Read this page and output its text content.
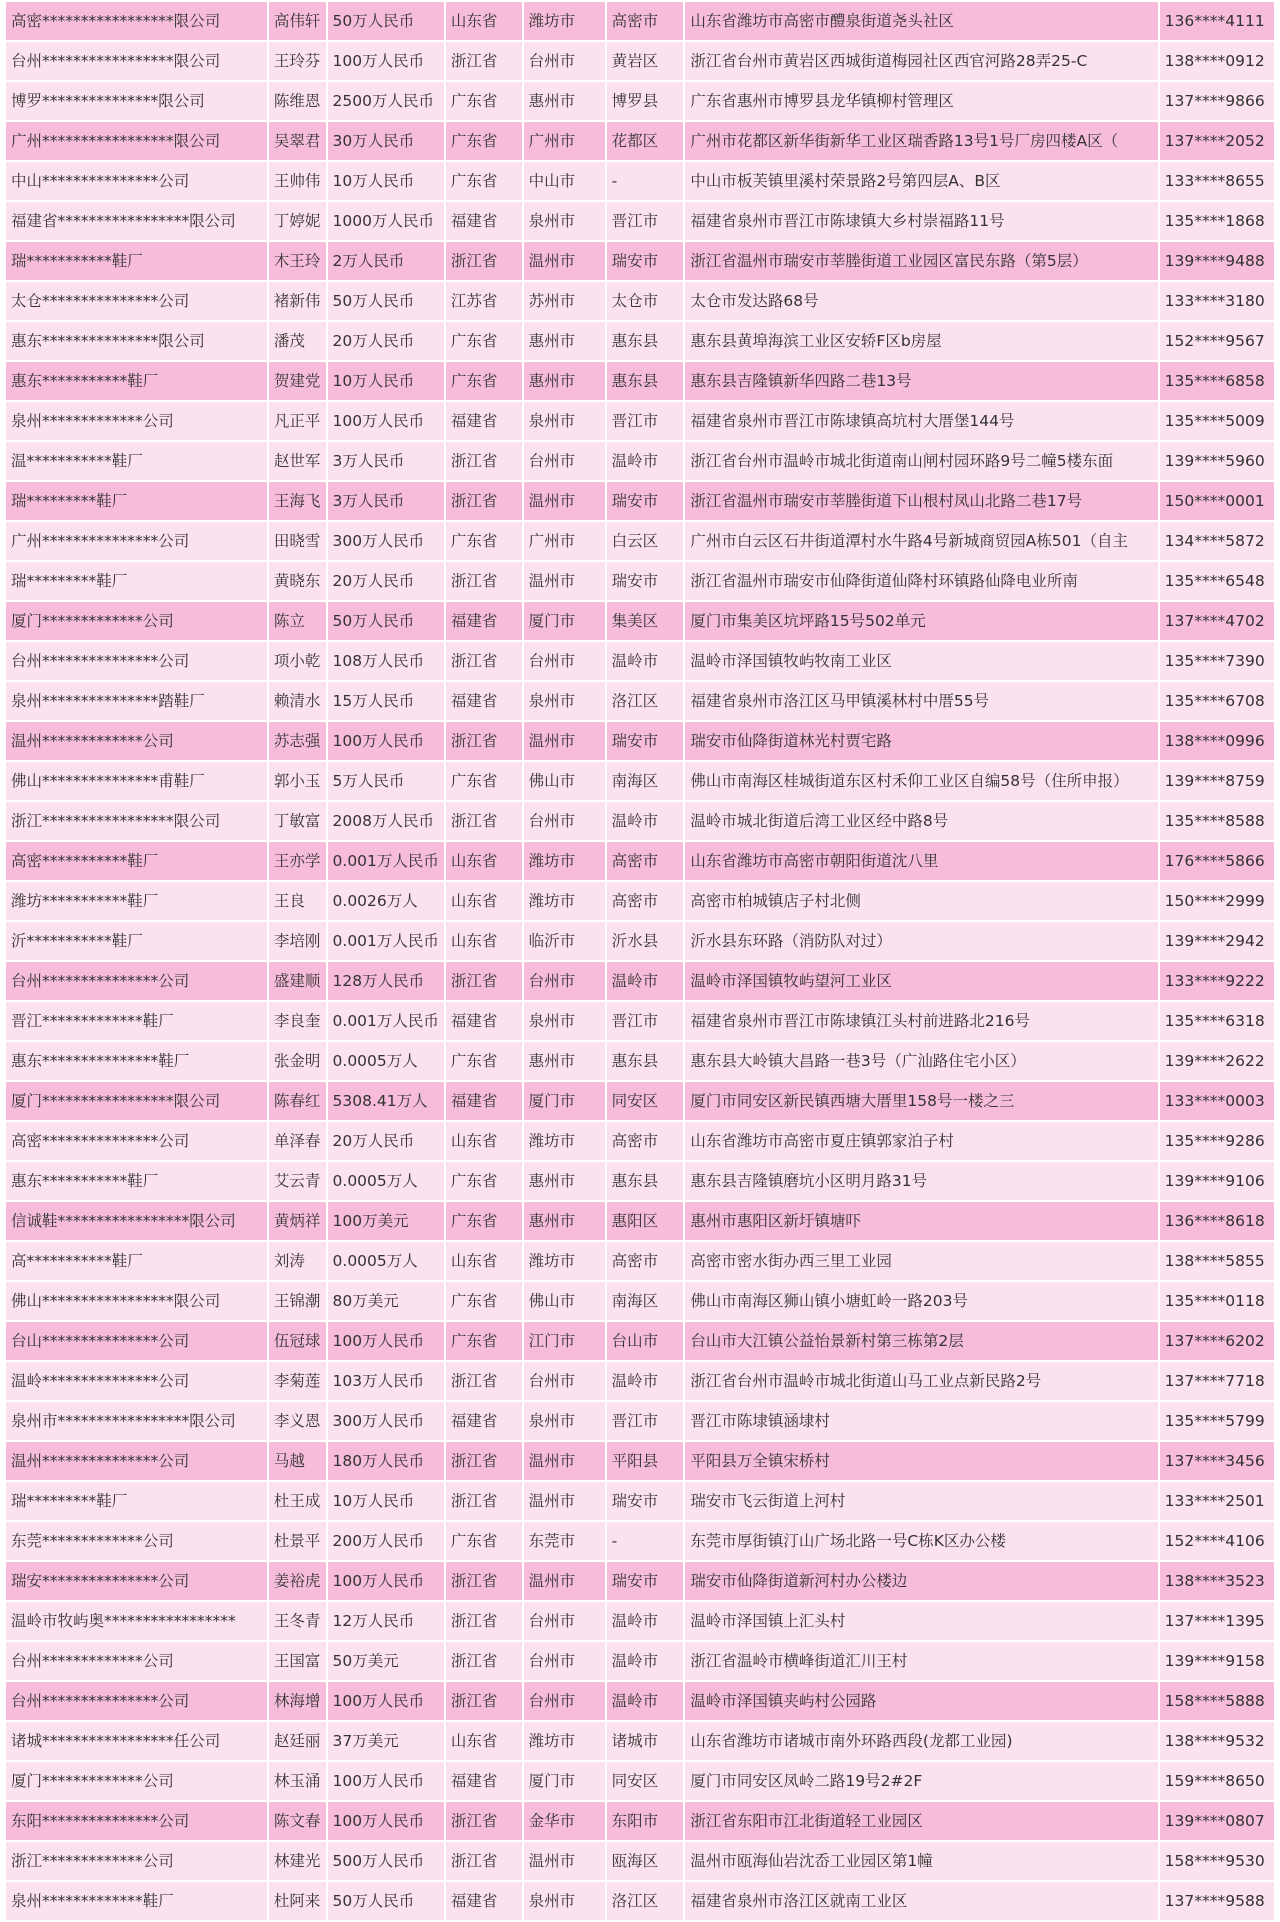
高密*****************限公司	高伟轩	50万人民币	山东省	潍坊市	高密市	山东省潍坊市高密市醴泉街道尧头社区	136****4111
台州*****************限公司	王玲芬	100万人民币	浙江省	台州市	黄岩区	浙江省台州市黄岩区西城街道梅园社区西官河路28弄25-C	138****0912
博罗***************限公司	陈维恩	2500万人民币	广东省	惠州市	博罗县	广东省惠州市博罗县龙华镇柳村管理区	137****9866
广州*****************限公司	吴翠君	30万人民币	广东省	广州市	花都区	广州市花都区新华街新华工业区瑞香路13号1号厂房四楼A区（	137****2052
中山***************公司	王帅伟	10万人民币	广东省	中山市	-	中山市板芙镇里溪村荣景路2号第四层A、B区	133****8655
福建省*****************限公司	丁婷妮	1000万人民币	福建省	泉州市	晋江市	福建省泉州市晋江市陈埭镇大乡村崇福路11号	135****1868
瑞***********鞋厂	木王玲	2万人民币	浙江省	温州市	瑞安市	浙江省温州市瑞安市莘塍街道工业园区富民东路（第5层）	139****9488
太仓***************公司	褚新伟	50万人民币	江苏省	苏州市	太仓市	太仓市发达路68号	133****3180
惠东***************限公司	潘茂	20万人民币	广东省	惠州市	惠东县	惠东县黄埠海滨工业区安轿F区b房屋	152****9567
惠东***********鞋厂	贺建党	10万人民币	广东省	惠州市	惠东县	惠东县吉隆镇新华四路二巷13号	135****6858
泉州*************公司	凡正平	100万人民币	福建省	泉州市	晋江市	福建省泉州市晋江市陈埭镇高坑村大厝堡144号	135****5009
温***********鞋厂	赵世军	3万人民币	浙江省	台州市	温岭市	浙江省台州市温岭市城北街道南山闸村园环路9号二幢5楼东面	139****5960
瑞*********鞋厂	王海飞	3万人民币	浙江省	温州市	瑞安市	浙江省温州市瑞安市莘塍街道下山根村凤山北路二巷17号	150****0001
广州***************公司	田晓雪	300万人民币	广东省	广州市	白云区	广州市白云区石井街道潭村水牛路4号新城商贸园A栋501（自主	134****5872
瑞*********鞋厂	黄晓东	20万人民币	浙江省	温州市	瑞安市	浙江省温州市瑞安市仙降街道仙降村环镇路仙降电业所南	135****6548
厦门*************公司	陈立	50万人民币	福建省	厦门市	集美区	厦门市集美区坑坪路15号502单元	137****4702
台州***************公司	项小乾	108万人民币	浙江省	台州市	温岭市	温岭市泽国镇牧屿牧南工业区	135****7390
泉州***************踏鞋厂	赖清水	15万人民币	福建省	泉州市	洛江区	福建省泉州市洛江区马甲镇溪林村中厝55号	135****6708
温州*************公司	苏志强	100万人民币	浙江省	温州市	瑞安市	瑞安市仙降街道林光村贾宅路	138****0996
佛山***************甫鞋厂	郭小玉	5万人民币	广东省	佛山市	南海区	佛山市南海区桂城街道东区村禾仰工业区自编58号（住所申报）	139****8759
浙江*****************限公司	丁敏富	2008万人民币	浙江省	台州市	温岭市	温岭市城北街道后湾工业区经中路8号	135****8588
高密***********鞋厂	王亦学	0.001万人民币	山东省	潍坊市	高密市	山东省潍坊市高密市朝阳街道沈八里	176****5866
潍坊***********鞋厂	王良	0.0026万人	山东省	潍坊市	高密市	高密市柏城镇店子村北侧	150****2999
沂***********鞋厂	李培刚	0.001万人民币	山东省	临沂市	沂水县	沂水县东环路（消防队对过）	139****2942
台州***************公司	盛建顺	128万人民币	浙江省	台州市	温岭市	温岭市泽国镇牧屿望河工业区	133****9222
晋江*************鞋厂	李良奎	0.001万人民币	福建省	泉州市	晋江市	福建省泉州市晋江市陈埭镇江头村前进路北216号	135****6318
惠东***************鞋厂	张金明	0.0005万人	广东省	惠州市	惠东县	惠东县大岭镇大昌路一巷3号（广汕路住宅小区）	139****2622
厦门*****************限公司	陈春红	5308.41万人	福建省	厦门市	同安区	厦门市同安区新民镇西塘大厝里158号一楼之三	133****0003
高密***************公司	单泽春	20万人民币	山东省	潍坊市	高密市	山东省潍坊市高密市夏庄镇郭家泊子村	135****9286
惠东***********鞋厂	艾云青	0.0005万人	广东省	惠州市	惠东县	惠东县吉隆镇磨坑小区明月路31号	139****9106
信诚鞋*****************限公司	黄炳祥	100万美元	广东省	惠州市	惠阳区	惠州市惠阳区新圩镇塘吓	136****8618
高***********鞋厂	刘涛	0.0005万人	山东省	潍坊市	高密市	高密市密水街办西三里工业园	138****5855
佛山*****************限公司	王锦潮	80万美元	广东省	佛山市	南海区	佛山市南海区狮山镇小塘虹岭一路203号	135****0118
台山***************公司	伍冠球	100万人民币	广东省	江门市	台山市	台山市大江镇公益怡景新村第三栋第2层	137****6202
温岭***************公司	李菊莲	103万人民币	浙江省	台州市	温岭市	浙江省台州市温岭市城北街道山马工业点新民路2号	137****7718
泉州市*****************限公司	李义恩	300万人民币	福建省	泉州市	晋江市	晋江市陈埭镇涵埭村	135****5799
温州***************公司	马越	180万人民币	浙江省	温州市	平阳县	平阳县万全镇宋桥村	137****3456
瑞*********鞋厂	杜王成	10万人民币	浙江省	温州市	瑞安市	瑞安市飞云街道上河村	133****2501
东莞*************公司	杜景平	200万人民币	广东省	东莞市	-	东莞市厚街镇汀山广场北路一号C栋K区办公楼	152****4106
瑞安***************公司	姜裕虎	100万人民币	浙江省	温州市	瑞安市	瑞安市仙降街道新河村办公楼边	138****3523
温岭市牧屿奥*****************	王冬青	12万人民币	浙江省	台州市	温岭市	温岭市泽国镇上汇头村	137****1395
台州*************公司	王国富	50万美元	浙江省	台州市	温岭市	浙江省温岭市横峰街道汇川王村	139****9158
台州***************公司	林海增	100万人民币	浙江省	台州市	温岭市	温岭市泽国镇夹屿村公园路	158****5888
诸城*****************任公司	赵廷丽	37万美元	山东省	潍坊市	诸城市	山东省潍坊市诸城市南外环路西段(龙都工业园)	138****9532
厦门*************公司	林玉涌	100万人民币	福建省	厦门市	同安区	厦门市同安区凤岭二路19号2#2F	159****8650
东阳***************公司	陈文春	100万人民币	浙江省	金华市	东阳市	浙江省东阳市江北街道轻工业园区	139****0807
浙江*************公司	林建光	500万人民币	浙江省	温州市	瓯海区	温州市瓯海仙岩沈岙工业园区第1幢	158****9530
泉州*************鞋厂	杜阿来	50万人民币	福建省	泉州市	洛江区	福建省泉州市洛江区就南工业区	137****9588
